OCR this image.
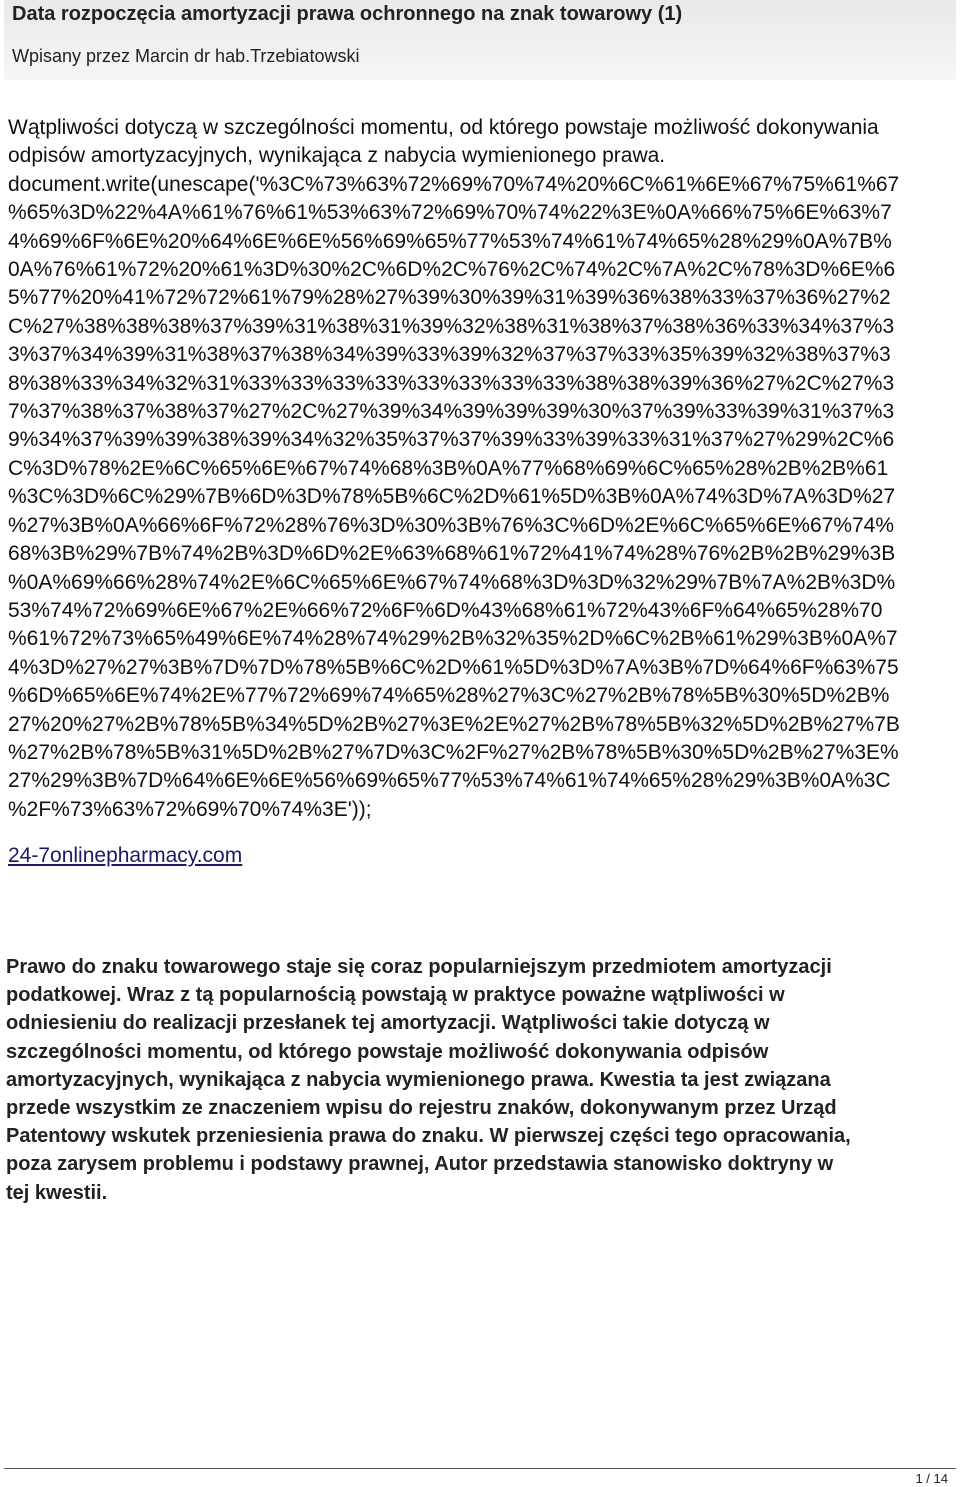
Data rozpoczęcia amortyzacji prawa ochronnego na znak towarowy (1)
Wpisany przez Marcin dr hab.Trzebiatowski
Wątpliwości dotyczą w szczególności momentu, od którego powstaje możliwość dokonywania
odpisów amortyzacyjnych, wynikająca z nabycia wymienionego prawa.
document.write(unescape('%3C%73%63%72%69%70%74%20%6C%61%6E%67%75%61%67
%65%3D%22%4A%61%76%61%53%63%72%69%70%74%22%3E%0A%66%75%6E%63%7
4%69%6F%6E%20%64%6E%6E%56%69%65%77%53%74%61%74%65%28%29%0A%7B%
0A%76%61%72%20%61%3D%30%2C%6D%2C%76%2C%74%2C%7A%2C%78%3D%6E%6
5%77%20%41%72%72%61%79%28%27%39%30%39%31%39%36%38%33%37%36%27%2
C%27%38%38%38%37%39%31%38%31%39%32%38%31%38%37%38%36%33%34%37%3
3%37%34%39%31%38%37%38%34%39%33%39%32%37%37%33%35%39%32%38%37%3
8%38%33%34%32%31%33%33%33%33%33%33%33%33%38%38%39%36%27%2C%27%3
7%37%38%37%38%37%27%2C%27%39%34%39%39%39%30%37%39%33%39%31%37%3
9%34%37%39%39%38%39%34%32%35%37%37%39%33%39%33%31%37%27%29%2C%6
C%3D%78%2E%6C%65%6E%67%74%68%3B%0A%77%68%69%6C%65%28%2B%2B%61
%3C%3D%6C%29%7B%6D%3D%78%5B%6C%2D%61%5D%3B%0A%74%3D%7A%3D%27
%27%3B%0A%66%6F%72%28%76%3D%30%3B%76%3C%6D%2E%6C%65%6E%67%74%
68%3B%29%7B%74%2B%3D%6D%2E%63%68%61%72%41%74%28%76%2B%2B%29%3B
%0A%69%66%28%74%2E%6C%65%6E%67%74%68%3D%3D%32%29%7B%7A%2B%3D%
53%74%72%69%6E%67%2E%66%72%6F%6D%43%68%61%72%43%6F%64%65%28%70
%61%72%73%65%49%6E%74%28%74%29%2B%32%35%2D%6C%2B%61%29%3B%0A%7
4%3D%27%27%3B%7D%7D%78%5B%6C%2D%61%5D%3D%7A%3B%7D%64%6F%63%75
%6D%65%6E%74%2E%77%72%69%74%65%28%27%3C%27%2B%78%5B%30%5D%2B%
27%20%27%2B%78%5B%34%5D%2B%27%3E%2E%27%2B%78%5B%32%5D%2B%27%7B
%27%2B%78%5B%31%5D%2B%27%7D%3C%2F%27%2B%78%5B%30%5D%2B%27%3E%
27%29%3B%7D%64%6E%6E%56%69%65%77%53%74%61%74%65%28%29%3B%0A%3C
%2F%73%63%72%69%70%74%3E'));
24-7onlinepharmacy.com
Prawo do znaku towarowego staje się coraz popularniejszym przedmiotem amortyzacji
podatkowej. Wraz z tą popularnością powstają w praktyce poważne wątpliwości w
odniesieniu do realizacji przesłanek tej amortyzacji. Wątpliwości takie dotyczą w
szczególności momentu, od którego powstaje możliwość dokonywania odpisów
amortyzacyjnych, wynikająca z nabycia wymienionego prawa. Kwestia ta jest związana
przede wszystkim ze znaczeniem wpisu do rejestru znaków, dokonywanym przez Urząd
Patentowy wskutek przeniesienia prawa do znaku. W pierwszej części tego opracowania,
poza zarysem problemu i podstawy prawnej, Autor przedstawia stanowisko doktryny w
tej kwestii.
1 / 14
